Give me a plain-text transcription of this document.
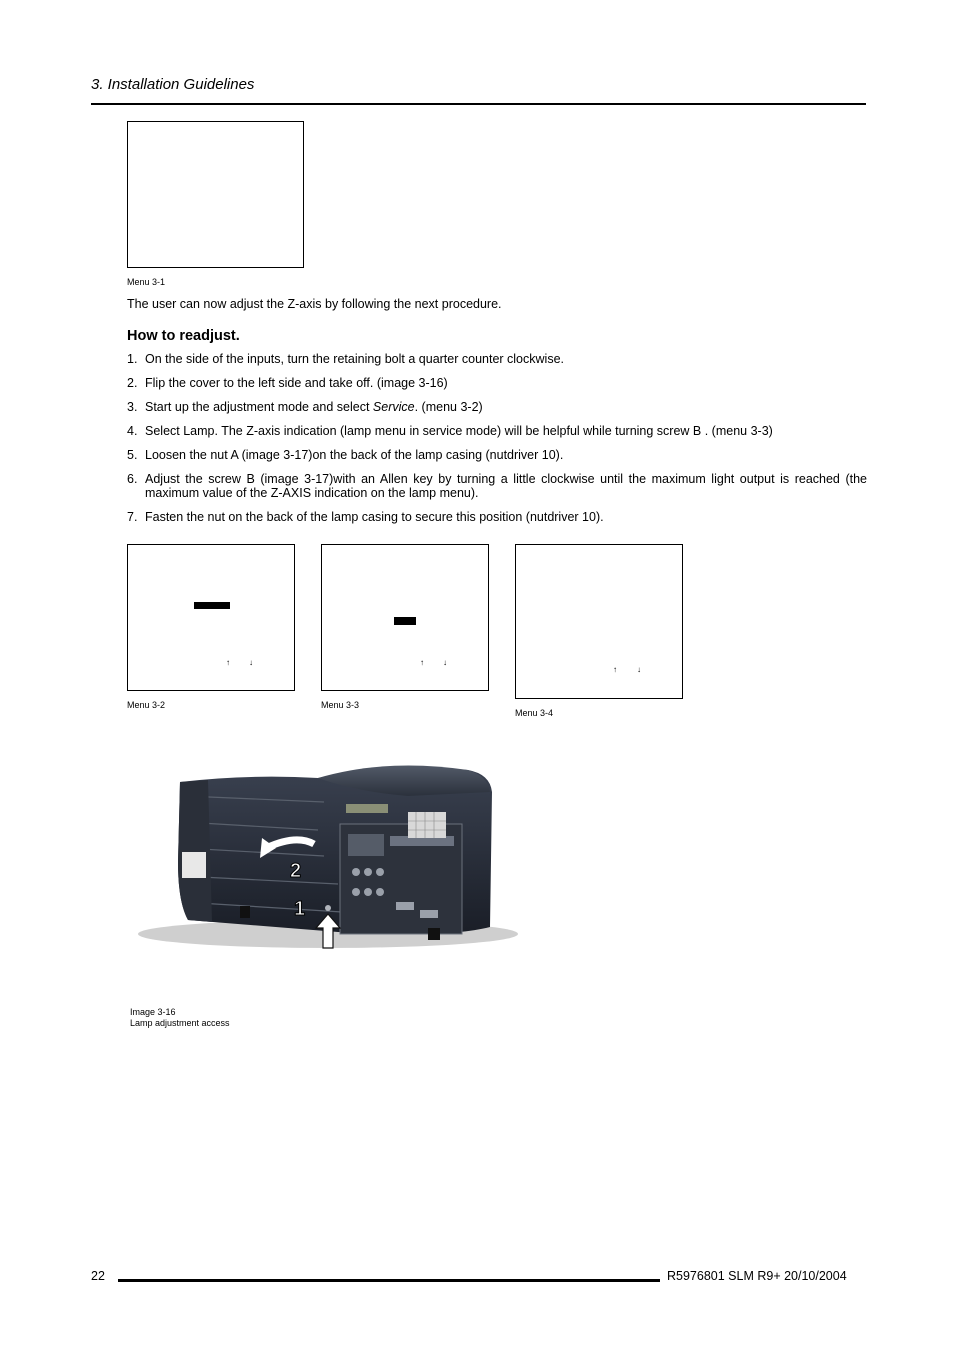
3. Installation Guidelines
Menu 3-1
The user can now adjust the Z-axis by following the next procedure.
How to readjust.
1. On the side of the inputs, turn the retaining bolt a quarter counter clockwise.
2. Flip the cover to the left side and take off. (image 3-16)
3. Start up the adjustment mode and select Service. (menu 3-2)
4. Select Lamp. The Z-axis indication (lamp menu in service mode) will be helpful while turning screw B . (menu 3-3)
5. Loosen the nut A (image 3-17)on the back of the lamp casing (nutdriver 10).
6. Adjust the screw B (image 3-17)with an Allen key by turning a little clockwise until the maximum light output is reached (the maximum value of the Z-AXIS indication on the lamp menu).
7. Fasten the nut on the back of the lamp casing to secure this position (nutdriver 10).
↑ ↓
Menu 3-2
↑ ↓
Menu 3-3
↑	↓
Menu 3-4
1
2
Image 3-16
Lamp adjustment access
22	R5976801 SLM R9+ 20/10/2004
